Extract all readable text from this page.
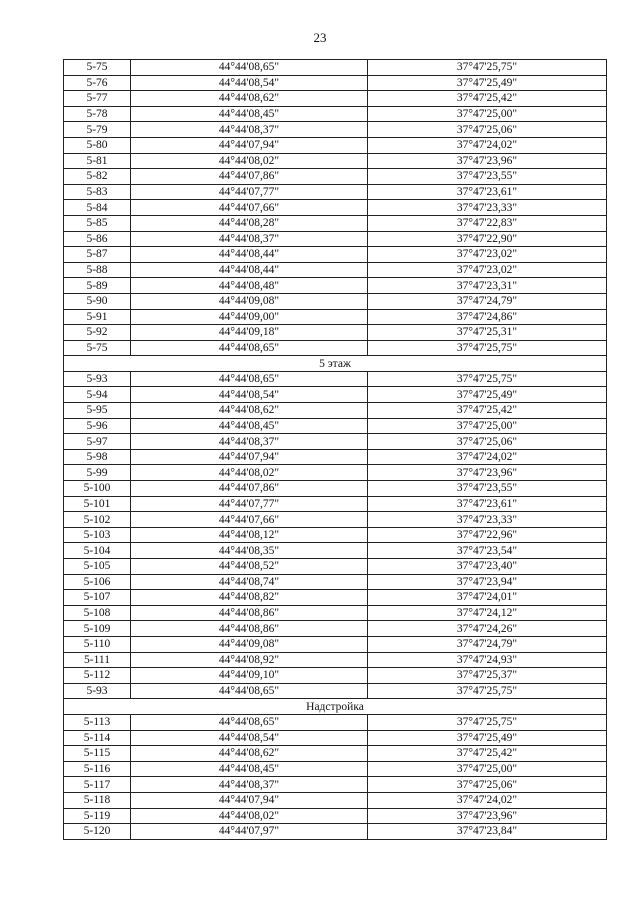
23
5-75	44°44'08,65"	37°47'25,75"
5-76	44°44'08,54"	37°47'25,49"
5-77	44°44'08,62"	37°47'25,42"
5-78	44°44'08,45"	37°47'25,00"
5-79	44°44'08,37"	37°47'25,06"
5-80	44°44'07,94"	37°47'24,02"
5-81	44°44'08,02"	37°47'23,96"
5-82	44°44'07,86"	37°47'23,55"
5-83	44°44'07,77"	37°47'23,61"
5-84	44°44'07,66"	37°47'23,33"
5-85	44°44'08,28"	37°47'22,83"
5-86	44°44'08,37"	37°47'22,90"
5-87	44°44'08,44"	37°47'23,02"
5-88	44°44'08,44"	37°47'23,02"
5-89	44°44'08,48"	37°47'23,31"
5-90	44°44'09,08"	37°47'24,79"
5-91	44°44'09,00"	37°47'24,86"
5-92	44°44'09,18"	37°47'25,31"
5-75	44°44'08,65"	37°47'25,75"
5 этаж		
5-93	44°44'08,65"	37°47'25,75"
5-94	44°44'08,54"	37°47'25,49"
5-95	44°44'08,62"	37°47'25,42"
5-96	44°44'08,45"	37°47'25,00"
5-97	44°44'08,37"	37°47'25,06"
5-98	44°44'07,94"	37°47'24,02"
5-99	44°44'08,02"	37°47'23,96"
5-100	44°44'07,86"	37°47'23,55"
5-101	44°44'07,77"	37°47'23,61"
5-102	44°44'07,66"	37°47'23,33"
5-103	44°44'08,12"	37°47'22,96"
5-104	44°44'08,35"	37°47'23,54"
5-105	44°44'08,52"	37°47'23,40"
5-106	44°44'08,74"	37°47'23,94"
5-107	44°44'08,82"	37°47'24,01"
5-108	44°44'08,86"	37°47'24,12"
5-109	44°44'08,86"	37°47'24,26"
5-110	44°44'09,08"	37°47'24,79"
5-111	44°44'08,92"	37°47'24,93"
5-112	44°44'09,10"	37°47'25,37"
5-93	44°44'08,65"	37°47'25,75"
Надстройка		
5-113	44°44'08,65"	37°47'25,75"
5-114	44°44'08,54"	37°47'25,49"
5-115	44°44'08,62"	37°47'25,42"
5-116	44°44'08,45"	37°47'25,00"
5-117	44°44'08,37"	37°47'25,06"
5-118	44°44'07,94"	37°47'24,02"
5-119	44°44'08,02"	37°47'23,96"
5-120	44°44'07,97"	37°47'23,84"
